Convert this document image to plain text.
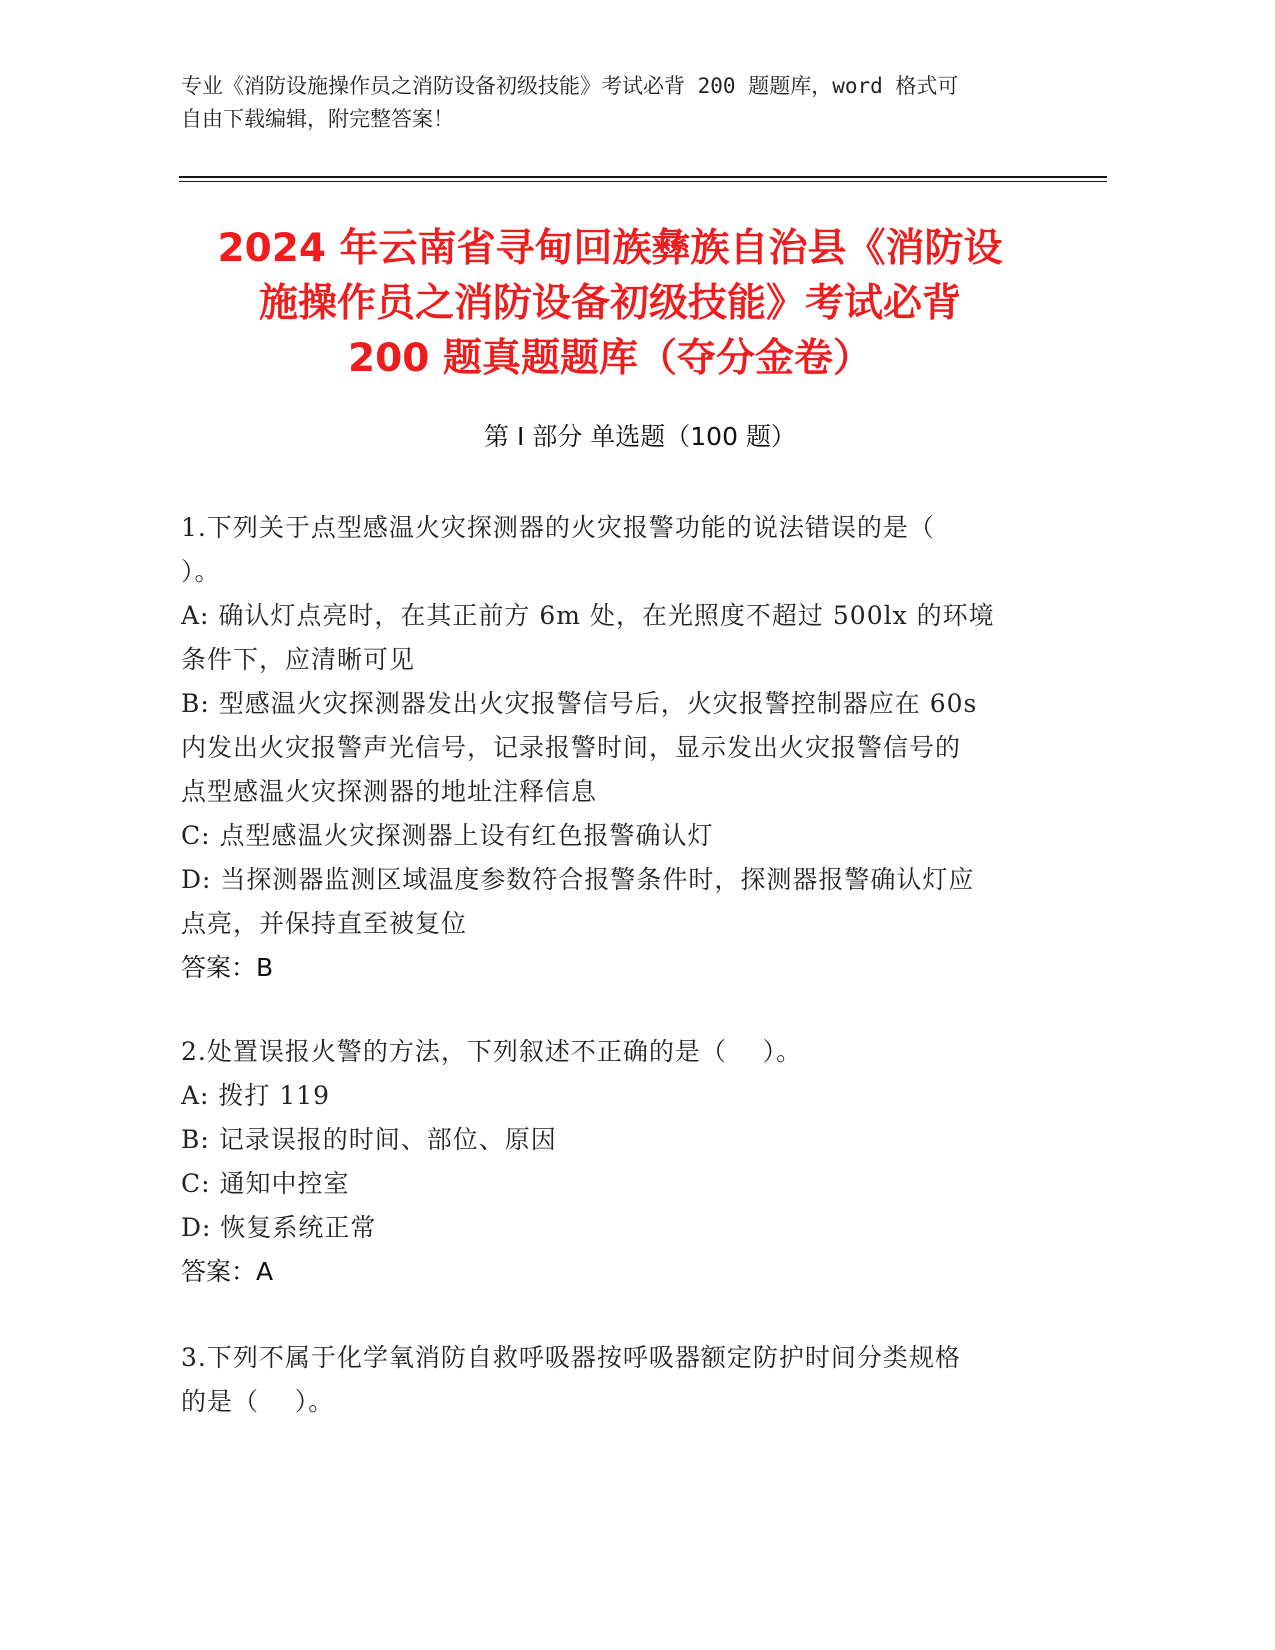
专业《消防设施操作员之消防设备初级技能》考试必背 200 题题库，word 格式可
自由下载编辑，附完整答案！
2024 年云南省寻甸回族彝族自治县《消防设
施操作员之消防设备初级技能》考试必背
200 题真题题库（夺分金卷）
第 I 部分 单选题（100 题）
1.下列关于点型感温火灾探测器的火灾报警功能的说法错误的是（
）。
A: 确认灯点亮时，在其正前方 6m 处，在光照度不超过 500lx 的环境
条件下，应清晰可见
B: 型感温火灾探测器发出火灾报警信号后，火灾报警控制器应在 60s
内发出火灾报警声光信号，记录报警时间，显示发出火灾报警信号的
点型感温火灾探测器的地址注释信息
C: 点型感温火灾探测器上设有红色报警确认灯
D: 当探测器监测区域温度参数符合报警条件时，探测器报警确认灯应
点亮，并保持直至被复位
答案：B
2.处置误报火警的方法，下列叙述不正确的是（    ）。
A: 拨打 119
B: 记录误报的时间、部位、原因
C: 通知中控室
D: 恢复系统正常
答案：A
3.下列不属于化学氧消防自救呼吸器按呼吸器额定防护时间分类规格
的是（    ）。
